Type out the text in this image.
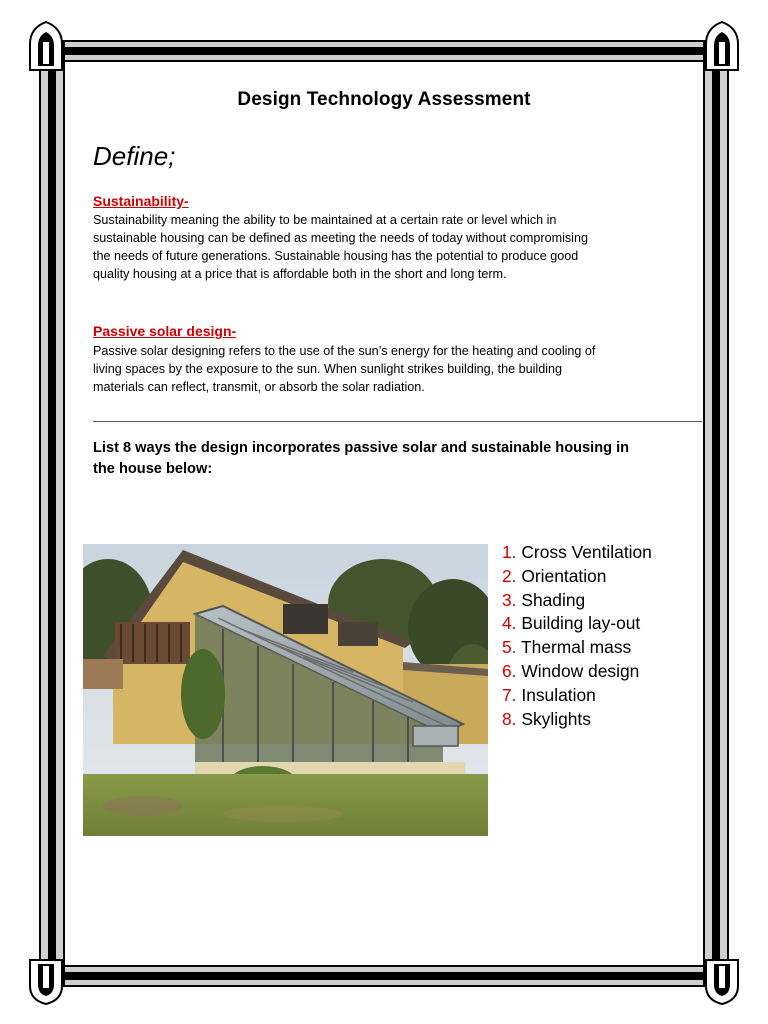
Design Technology Assessment
Define;
Sustainability-
Sustainability meaning the ability to be maintained at a certain rate or level which in
sustainable housing can be defined as meeting the needs of today without compromising
the needs of future generations. Sustainable housing has the potential to produce good
quality housing at a price that is affordable both in the short and long term.
Passive solar design-
Passive solar designing refers to the use of the sun’s energy for the heating and cooling of
living spaces by the exposure to the sun. When sunlight strikes building, the building
materials can reflect, transmit, or absorb the solar radiation.
List 8 ways the design incorporates passive solar and sustainable housing in
the house below:
1. Cross Ventilation
2. Orientation
3. Shading
4. Building lay-out
5. Thermal mass
6. Window design
7. Insulation
8. Skylights
